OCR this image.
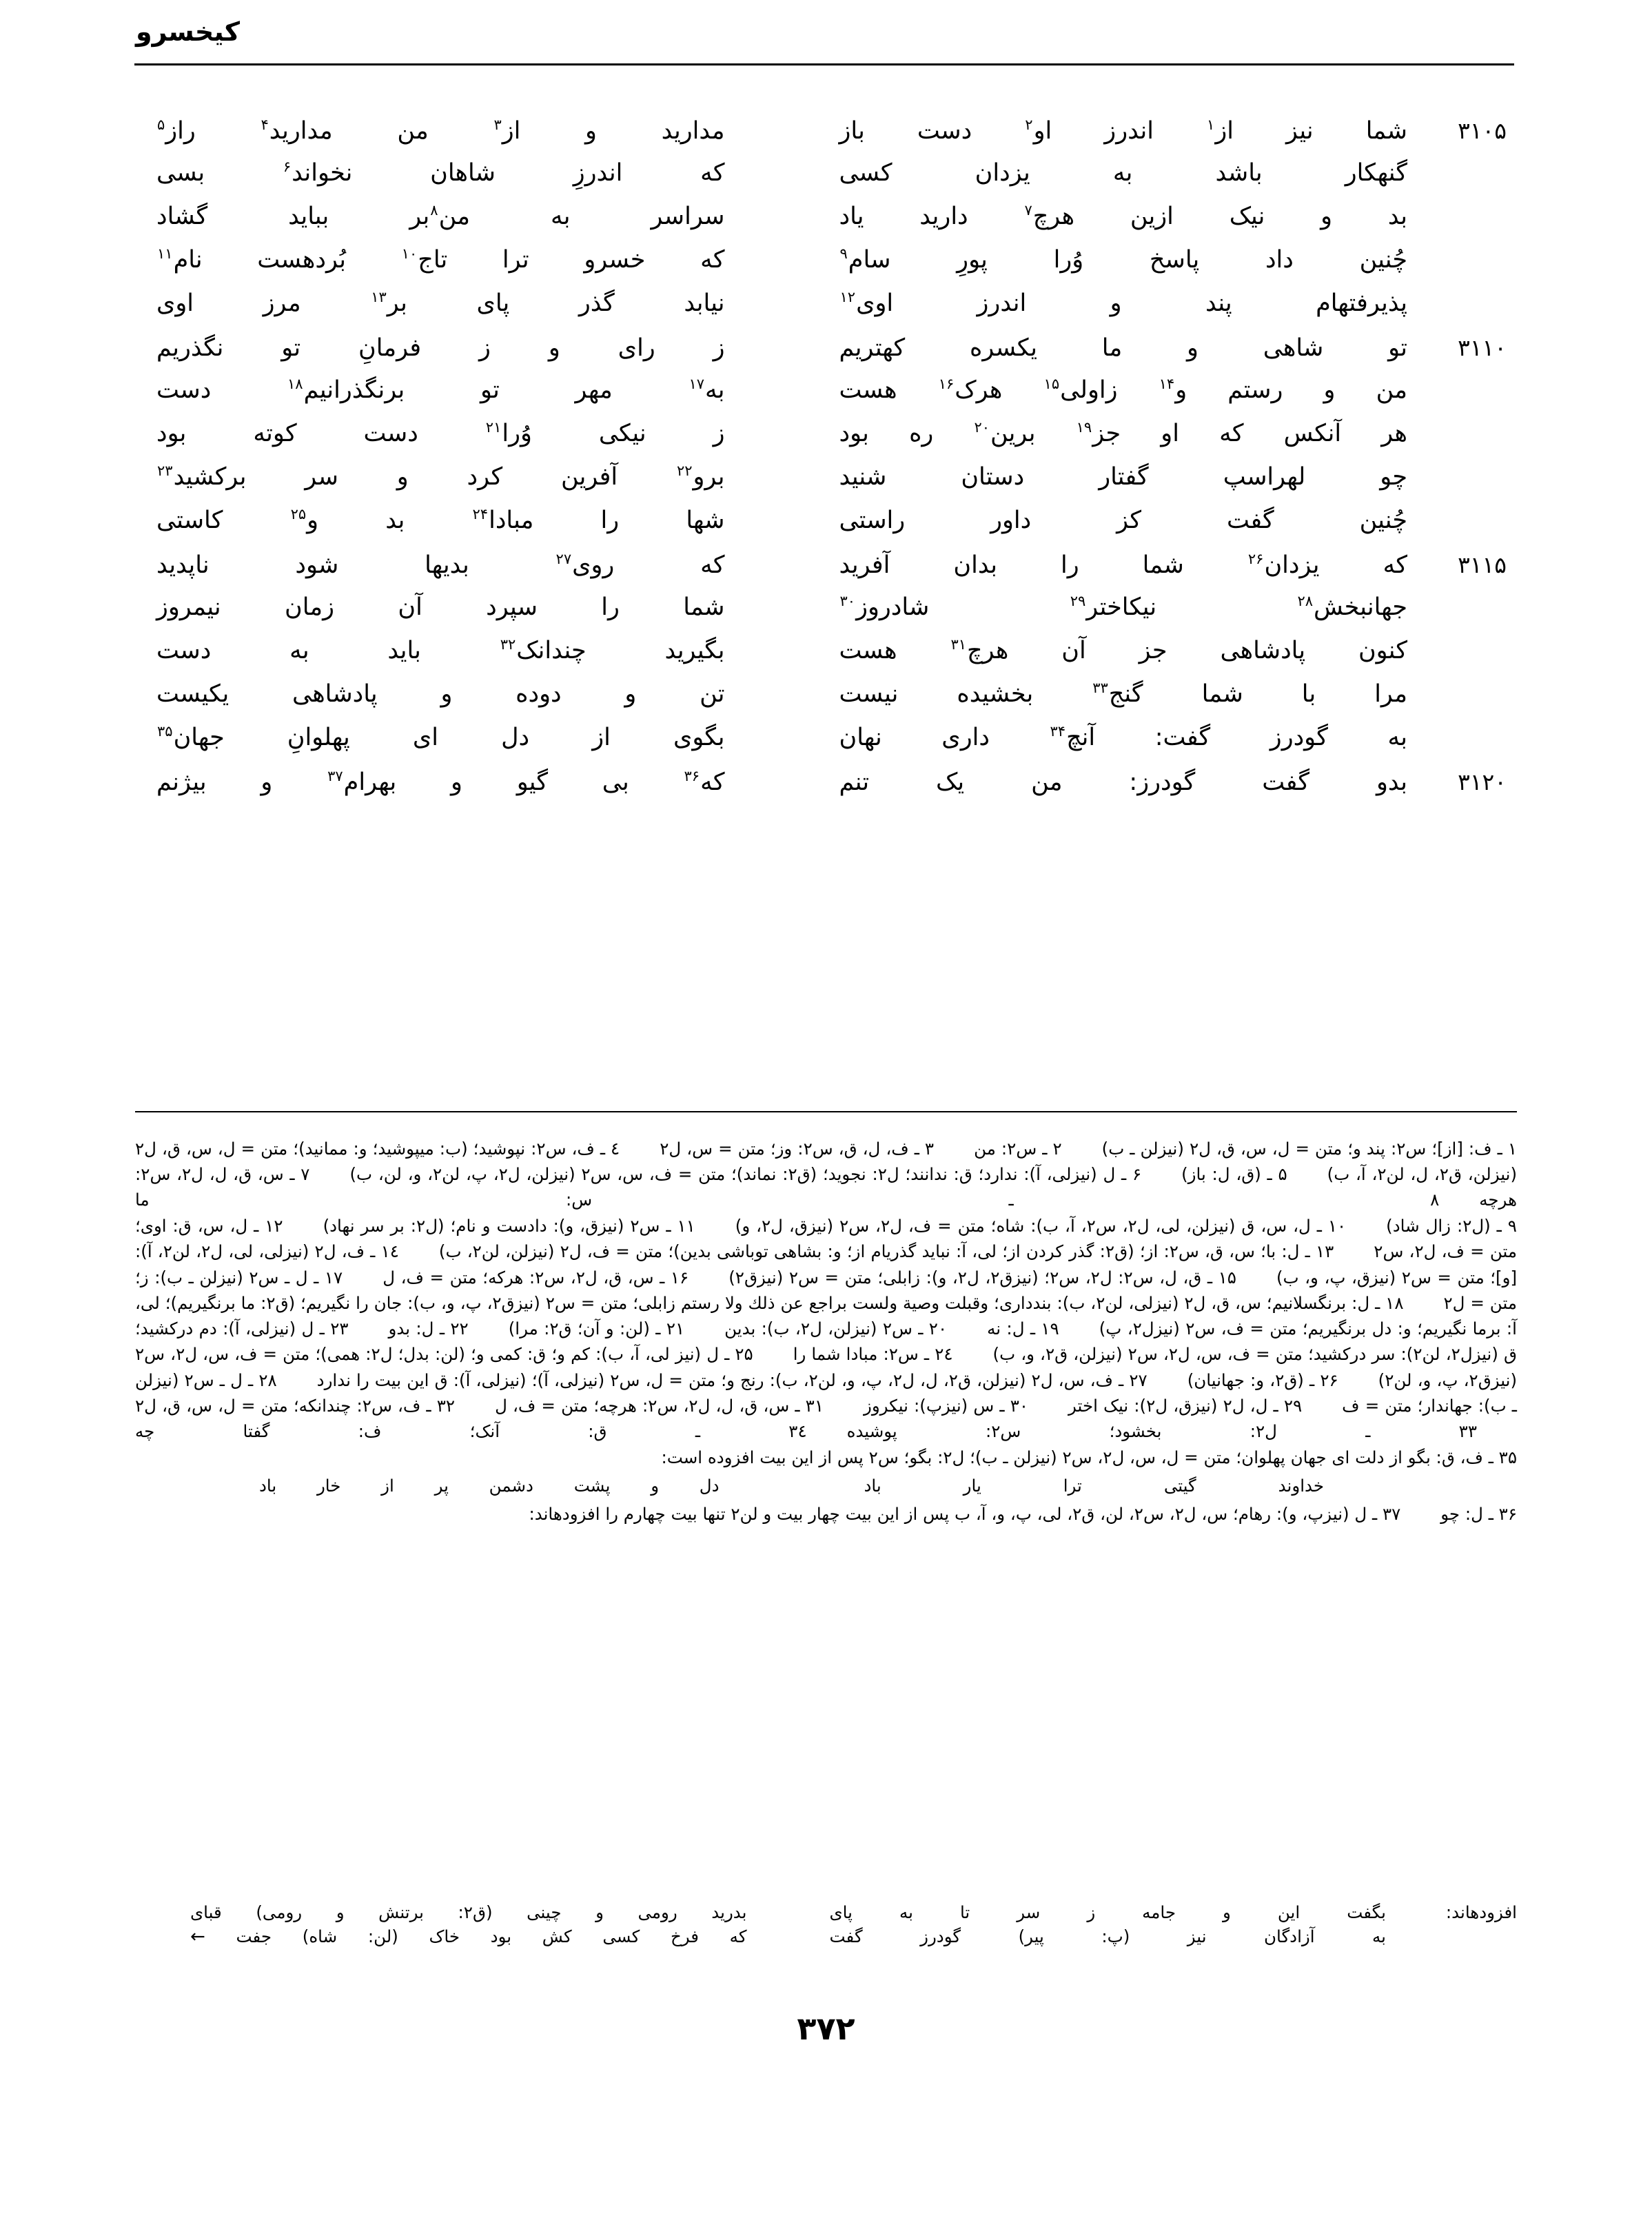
کیخسرو
۳۱۰۵
شما نیز از$^۱$ اندرز او$^۲$ دست باز
مدارید و از$^۳$ من مدارید$^۴$ راز$^۵$
گنهکار باشد به یزدان کسی
که اندرزِ شاهان نخواند$^۶$ بسی
بد و نیک ازین هرچ$^۷$ دارید یاد
سراسر به من$^۸$بر بباید گشاد
چُنین داد پاسخ وُرا پورِ سام$^۹$
که خسرو ترا تاج$^{۱۰}$ بُردهست نام$^{۱۱}$
پذیرفتهام پند و اندرز اوی$^{۱۲}$
نیابد گذر پای بر$^{۱۳}$ مرز اوی
۳۱۱۰
تو شاهی و ما یکسره کهتریم
ز رای و ز فرمانِ تو نگذریم
من و رستم و$^{۱۴}$ زاولی$^{۱۵}$ هرک$^{۱۶}$ هست
به$^{۱۷}$ مهر تو برنگذرانیم$^{۱۸}$ دست
هر آنکس که او جز$^{۱۹}$ برین$^{۲۰}$ ره بود
ز نیکی وُرا$^{۲۱}$ دست کوته بود
چو لهراسپ گفتار دستان شنید
برو$^{۲۲}$ آفرین کرد و سر برکشید$^{۲۳}$
چُنین گفت کز داور راستی
شها را مبادا$^{۲۴}$ بد و$^{۲۵}$ کاستی
۳۱۱۵
که یزدان$^{۲۶}$ شما را بدان آفرید
که روی$^{۲۷}$ بدیها شود ناپدید
جهانبخش$^{۲۸}$ نیکاختر$^{۲۹}$ شادروز$^{۳۰}$
شما را سپرد آن زمان نیمروز
کنون پادشاهی جز آن هرچ$^{۳۱}$ هست
بگیرید چندانک$^{۳۲}$ باید به دست
مرا با شما گنج$^{۳۳}$ بخشیده نیست
تن و دوده و پادشاهی یکیست
به گودرز گفت: آنچ$^{۳۴}$ داری نهان
بگوی از دل ای پهلوانِ جهان$^{۳۵}$
۳۱۲۰
بدو گفت گودرز: من یک تنم
که$^{۳۶}$ بی گیو و بهرام$^{۳۷}$ و بیژنم

۱ ـ ف: [از]؛ س۲: پند و؛ متن = ل، س، ق، ل۲ (نیزلن ـ ب)۲ ـ س۲: من۳ ـ ف، ل، ق، س۲: وز؛ متن = س، ل۲٤ ـ ف، س۲: نپوشید؛ (ب: میپوشید؛ و: ممانید)؛ متن = ل، س، ق، ل۲ (نیزلن، ق۲، ل، لن۲، آ، ب)۵ ـ (ق، ل: باز)۶ ـ ل (نیزلی، آ): ندارد؛ ق: ندانند؛ ل۲: نجوید؛ (ق۲: نماند)؛ متن = ف، س، س۲ (نیزلن، ل۲، پ، لن۲، و، لن، ب)۷ ـ س، ق، ل، ل۲، س۲: هرچه۸ ـ س: ما

۹ ـ (ل۲: زال شاد)۱۰ ـ ل، س، ق (نیزلن، لی، ل۲، س۲، آ، ب): شاه؛ متن = ف، ل۲، س۲ (نیزق، ل۲، و)۱۱ ـ س۲ (نیزق، و): دادست و نام؛ (ل۲: بر سر نهاد)۱۲ ـ ل، س، ق: اوی؛ متن = ف، ل۲، س۲۱۳ ـ ل: با؛ س، ق، س۲: از؛ (ق۲: گذر کردن از؛ لی، آ: نباید گذریام از؛ و: بشاهی توباشی بدین)؛ متن = ف، ل۲ (نیزلن، لن۲، ب)۱٤ ـ ف، ل۲ (نیزلی، لی، ل۲، لن۲، آ): [و]؛ متن = س۲ (نیزق، پ، و، ب)۱۵ ـ ق، ل، س۲: ل۲، س۲؛ (نیزق۲، ل۲، و): زابلی؛ متن = س۲ (نیزق۲)۱۶ ـ س، ق، ل۲، س۲: هرکه؛ متن = ف، ل۱۷ ـ ل ـ س۲ (نیزلن ـ ب): ز؛ متن = ل۲۱۸ ـ ل: برنگسلانیم؛ س، ق، ل۲ (نیزلی، لن۲، ب): بندداری؛ وقبلت وصیة ولست براجع عن ذلك ولا رستم زابلی؛ متن = س۲ (نیزق۲، پ، و، ب): جان را نگیریم؛ (ق۲: ما برنگیریم)؛ لی، آ: برما نگیریم؛ و: دل برنگیریم؛ متن = ف، س۲ (نیزل۲، پ)۱۹ ـ ل: نه۲۰ ـ س۲ (نیزلن، ل۲، ب): بدین۲۱ ـ (لن: و آن؛ ق۲: مرا)۲۲ ـ ل: بدو۲۳ ـ ل (نیزلی، آ): دم درکشید؛ ق (نیزل۲، لن۲): سر درکشید؛ متن = ف، س، ل۲، س۲ (نیزلن، ق۲، و، ب)۲٤ ـ س۲: مبادا شما را۲۵ ـ ل (نیز لی، آ، ب): کم و؛ ق: کمی و؛ (لن: بدل؛ ل۲: همی)؛ متن = ف، س، ل۲، س۲ (نیزق۲، پ، و، لن۲)۲۶ ـ (ق۲، و: جهانیان)۲۷ ـ ف، س، ل۲ (نیزلن، ق۲، ل، ل۲، پ، و، لن۲، ب): رنج و؛ متن = ل، س۲ (نیزلی، آ)؛ (نیزلی، آ): ق این بیت را ندارد۲۸ ـ ل ـ س۲ (نیزلن ـ ب): جهاندار؛ متن = ف۲۹ ـ ل، ل۲ (نیزق، ل۲): نیک اختر۳۰ ـ س (نیزپ): نیکروز۳۱ ـ س، ق، ل، ل۲، س۲: هرچه؛ متن = ف، ل۳۲ ـ ف، س۲: چندانکه؛ متن = ل، س، ق، ل۲۳۳ ـ ل۲: بخشود؛ س۲: پوشیده۳٤ ـ ق: آنک؛ ف: گفتا چه

۳۵ ـ ف، ق: بگو از دلت ای جهان پهلوان؛ متن = ل، س، ل۲، س۲ (نیزلن ـ ب)؛ ل۲: بگو؛ س۲ پس از این بیت افزوده است:

خداوند گیتی ترا یار باد
دل و پشت دشمن پر از خار باد

۳۶ ـ ل: چو۳۷ ـ ل (نیزپ، و): رهام؛ س، ل۲، س۲، لن، ق۲، لی، پ، و، آ، ب پس از این بیت چهار بیت و لن۲ تنها بیت چهارم را افزودهاند:

افزودهاند:
بگفت این و جامه ز سر تا به پای
بدرید رومی و چینی (ق۲: برتنش و رومی) قبای
به آزادگان نیز (پ: پیر) گودرز گفت
که فرخ کسی کش بود خاک (لن: شاه) جفت ←
۳۷۲
